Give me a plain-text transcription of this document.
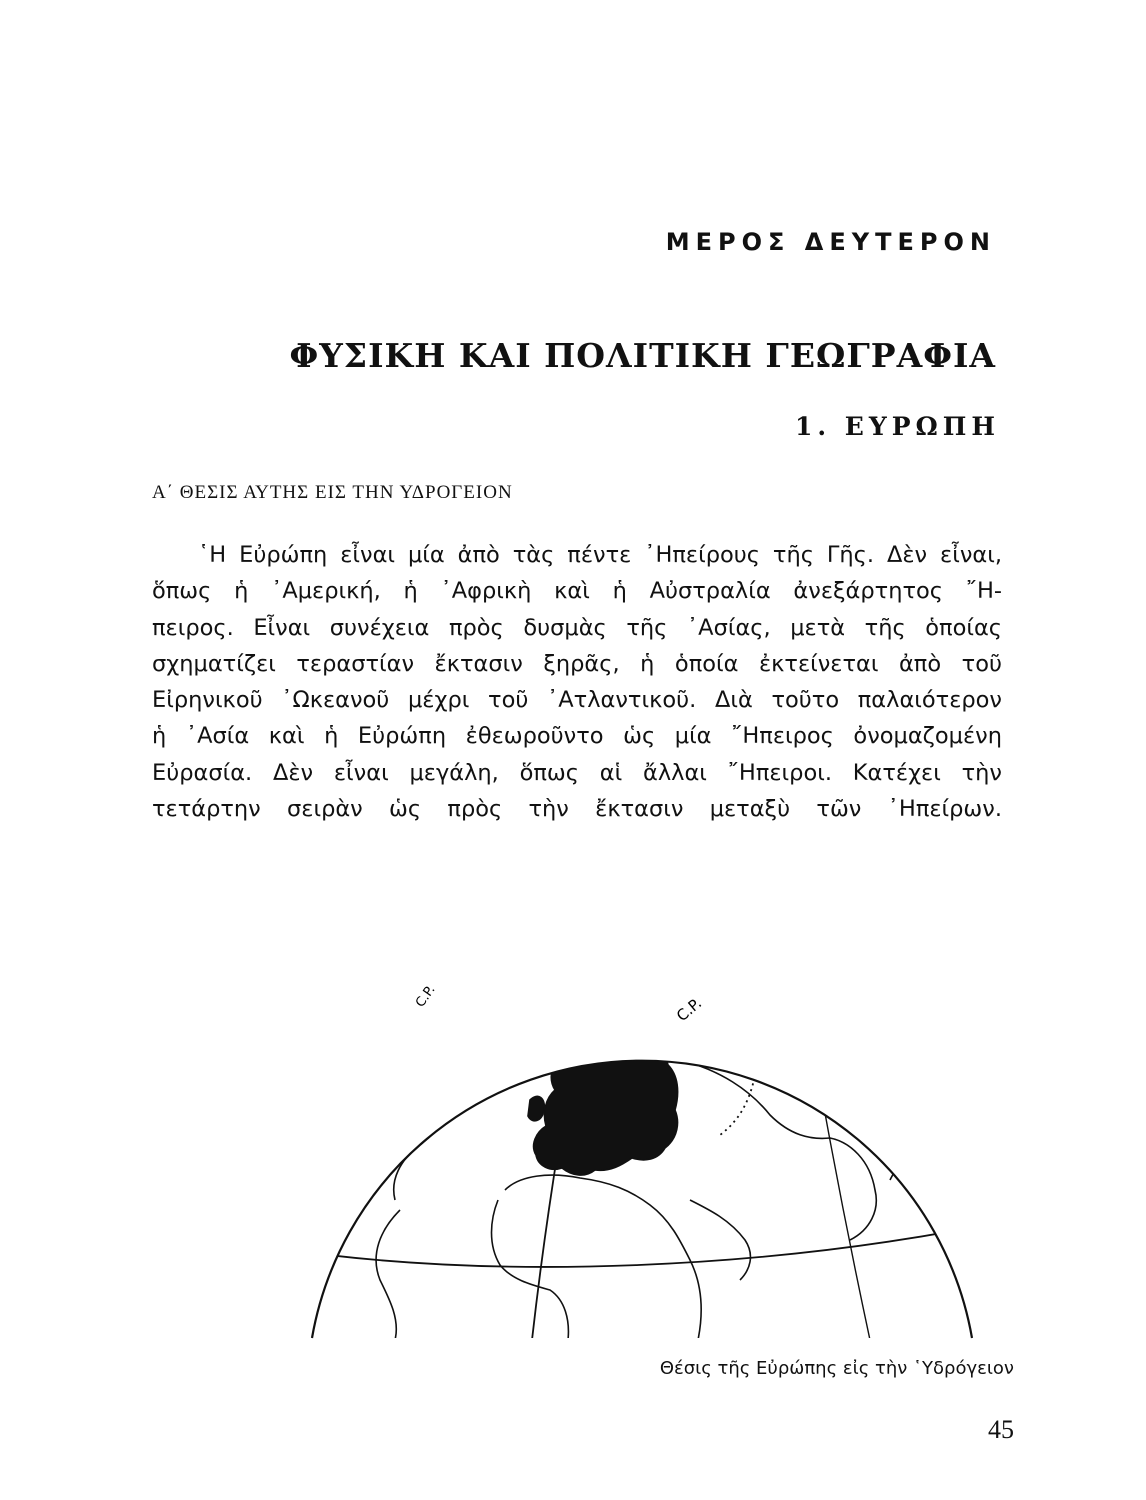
ΜΕΡΟΣ ΔΕΥΤΕΡΟΝ
ΦΥΣΙΚΗ ΚΑΙ ΠΟΛΙΤΙΚΗ ΓΕΩΓΡΑΦΙΑ
1. ΕΥΡΩΠΗ
Α΄ ΘΕΣΙΣ ΑΥΤΗΣ ΕΙΣ ΤΗΝ ΥΔΡΟΓΕΙΟΝ

῾Η Εὐρώπη εἶναι μία ἀπὸ τὰς πέντε ᾿Ηπείρους τῆς Γῆς. Δὲν εἶναι,
ὅπως ἡ ᾿Αμερική, ἡ ᾿Αφρικὴ καὶ ἡ Αὐστραλία ἀνεξάρτητος ῎Η-
πειρος. Εἶναι συνέχεια πρὸς δυσμὰς τῆς ᾿Ασίας, μετὰ τῆς ὁποίας
σχηματίζει τεραστίαν ἔκτασιν ξηρᾶς, ἡ ὁποία ἐκτείνεται ἀπὸ τοῦ
Εἰρηνικοῦ ᾿Ωκεανοῦ μέχρι τοῦ ᾿Ατλαντικοῦ. Διὰ τοῦτο παλαιότερον
ἡ ᾿Ασία καὶ ἡ Εὐρώπη ἐθεωροῦντο ὡς μία ῎Ηπειρος ὀνομαζομένη
Εὐρασία. Δὲν εἶναι μεγάλη, ὅπως αἱ ἄλλαι ῎Ηπειροι. Κατέχει τὴν
τετάρτην σειρὰν ὡς πρὸς τὴν ἔκτασιν μεταξὺ τῶν ᾿Ηπείρων.

C.P.
C.P.
Θέσις τῆς Εὐρώπης εἰς τὴν ῾Υδρόγειον
45
